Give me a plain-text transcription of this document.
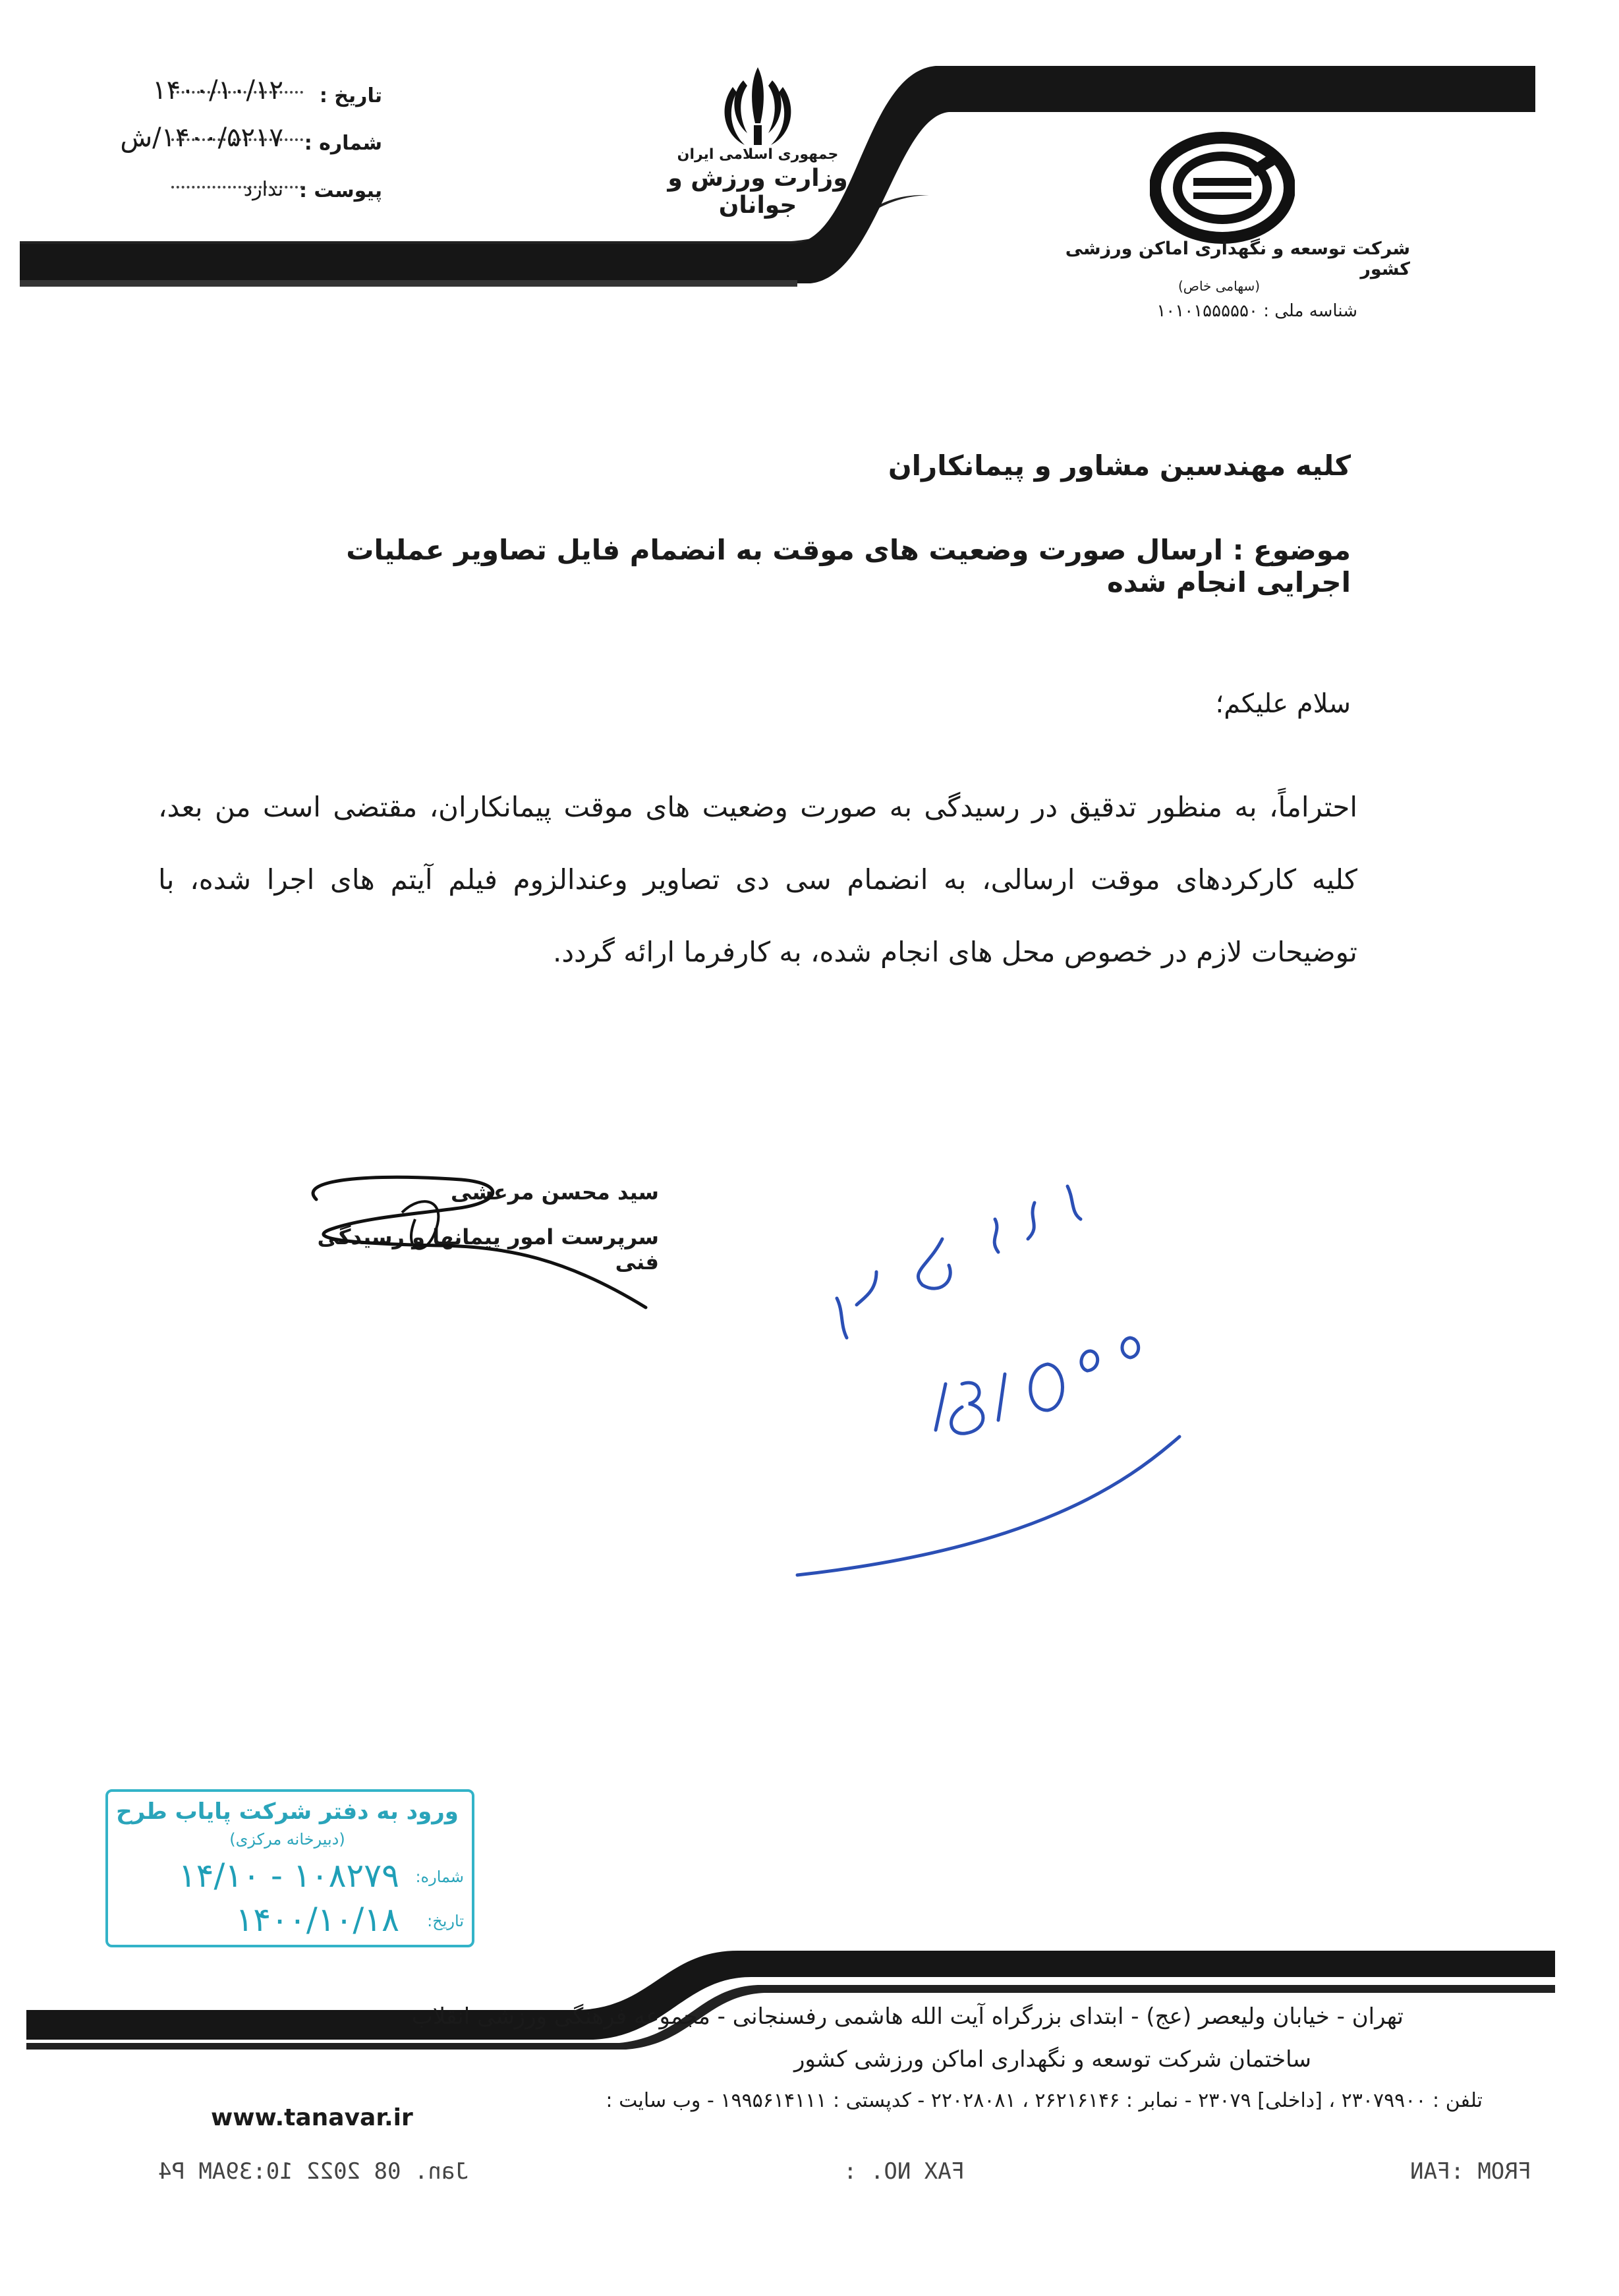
تاریخ :
۱۴۰۰/۱۰/۱۲
شماره :
۱۴۰۰/۵۲۱۷/ش
پیوست :
ندارد
جمهوری اسلامی ایران
وزارت ورزش و جوانان
شرکت توسعه و نگهداری اماکن ورزشی کشور
(سهامی خاص)
شناسه ملی : ۱۰۱۰۱۵۵۵۵۵۰
کلیه مهندسین مشاور و پیمانکاران
موضوع : ارسال صورت وضعیت های موقت به انضمام فایل تصاویر عملیات اجرایی انجام شده
سلام علیکم؛
احتراماً، به منظور تدقیق در رسیدگی به صورت وضعیت های موقت پیمانکاران، مقتضی است من بعد، کلیه کارکردهای موقت ارسالی، به انضمام سی دی تصاویر وعندالزوم فیلم آیتم های اجرا شده، با توضیحات لازم در خصوص محل های انجام شده، به کارفرما ارائه گردد.
سید محسن مرعشی
سرپرست امور پیمانها و رسیدگی فنی
ورود به دفتر شرکت پایاب طرح
(دبیرخانه مرکزی)
شماره:
۱۰۸۲۷۹ - ۱۴/۱۰
تاریخ:
۱۴۰۰/۱۰/۱۸
تهران - خیابان ولیعصر (عج) - ابتدای بزرگراه آیت الله هاشمی رفسنجانی - مجموعه فرهنگی ورزشی انقلاب
ساختمان شرکت توسعه و نگهداری اماکن ورزشی کشور
تلفن : ۲۳۰۷۹۹۰۰ ، [داخلی] ۲۳۰۷۹ - نمابر : ۲۶۲۱۶۱۴۶ ، ۲۲۰۲۸۰۸۱ - کدپستی : ۱۹۹۵۶۱۴۱۱۱ - وب سایت :
www.tanavar.ir
FROM :FAN
FAX NO. :
Jan. 08 2022 10:39AM P4
